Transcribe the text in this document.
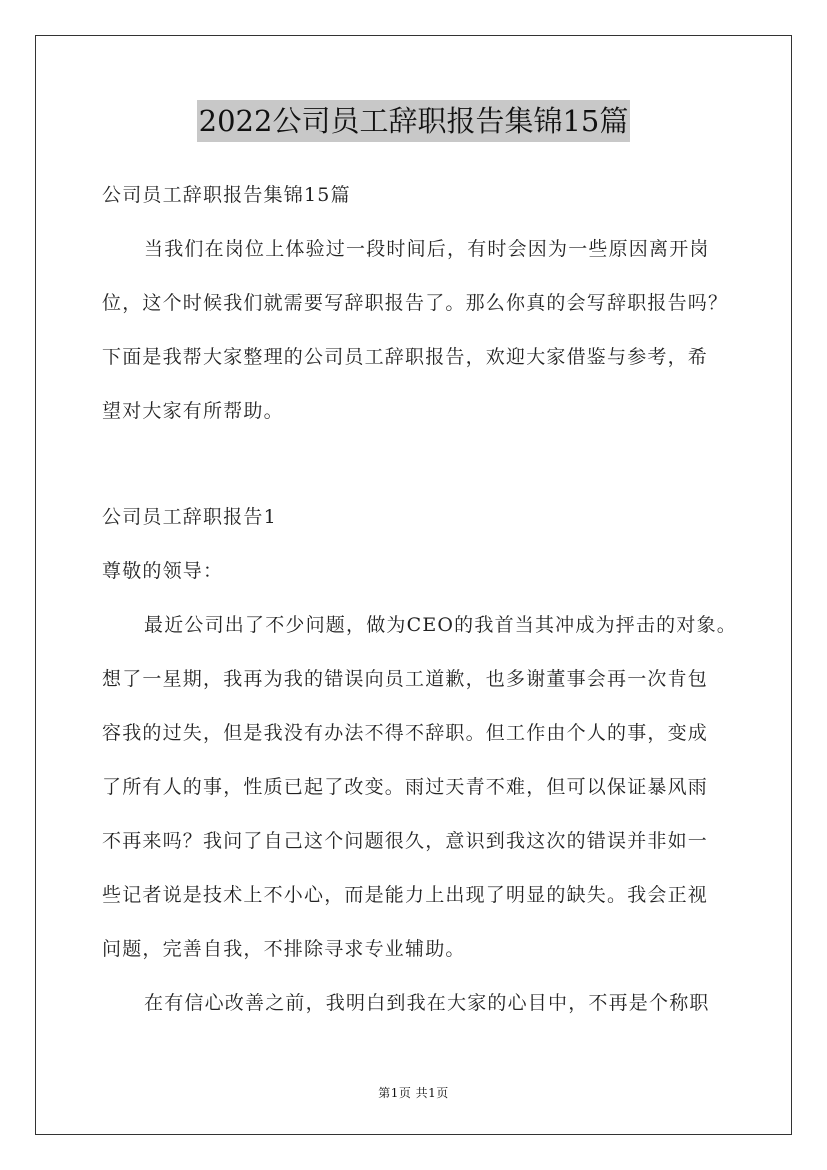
2022公司员工辞职报告集锦15篇
公司员工辞职报告集锦15篇
当我们在岗位上体验过一段时间后，有时会因为一些原因离开岗
位，这个时候我们就需要写辞职报告了。那么你真的会写辞职报告吗？
下面是我帮大家整理的公司员工辞职报告，欢迎大家借鉴与参考，希
望对大家有所帮助。
公司员工辞职报告1
尊敬的领导：
最近公司出了不少问题，做为CEO的我首当其冲成为抨击的对象。
想了一星期，我再为我的错误向员工道歉，也多谢董事会再一次肯包
容我的过失，但是我没有办法不得不辞职。但工作由个人的事，变成
了所有人的事，性质已起了改变。雨过天青不难，但可以保证暴风雨
不再来吗？我问了自己这个问题很久，意识到我这次的错误并非如一
些记者说是技术上不小心，而是能力上出现了明显的缺失。我会正视
问题，完善自我，不排除寻求专业辅助。
在有信心改善之前，我明白到我在大家的心目中，不再是个称职
第1页 共1页
